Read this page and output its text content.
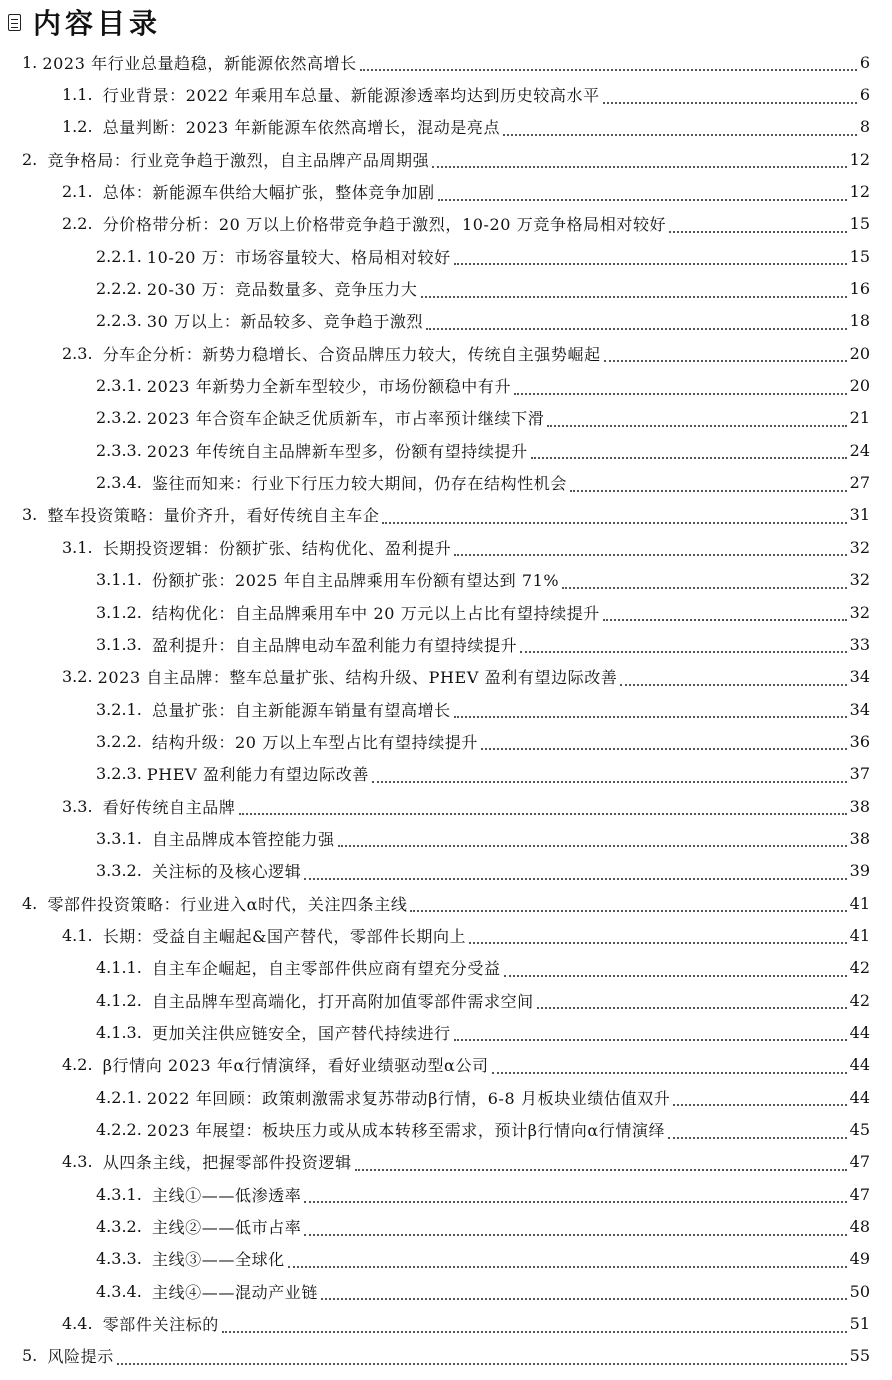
内容目录
1. 2023 年行业总量趋稳，新能源依然高增长	6
1.1. 行业背景：2022 年乘用车总量、新能源渗透率均达到历史较高水平	6
1.2. 总量判断：2023 年新能源车依然高增长，混动是亮点	8
2. 竞争格局：行业竞争趋于激烈，自主品牌产品周期强	12
2.1. 总体：新能源车供给大幅扩张，整体竞争加剧	12
2.2. 分价格带分析：20 万以上价格带竞争趋于激烈，10-20 万竞争格局相对较好	15
2.2.1. 10-20 万：市场容量较大、格局相对较好	15
2.2.2. 20-30 万：竞品数量多、竞争压力大	16
2.2.3. 30 万以上：新品较多、竞争趋于激烈	18
2.3. 分车企分析：新势力稳增长、合资品牌压力较大，传统自主强势崛起	20
2.3.1. 2023 年新势力全新车型较少，市场份额稳中有升	20
2.3.2. 2023 年合资车企缺乏优质新车，市占率预计继续下滑	21
2.3.3. 2023 年传统自主品牌新车型多，份额有望持续提升	24
2.3.4. 鉴往而知来：行业下行压力较大期间，仍存在结构性机会	27
3. 整车投资策略：量价齐升，看好传统自主车企	31
3.1. 长期投资逻辑：份额扩张、结构优化、盈利提升	32
3.1.1. 份额扩张：2025 年自主品牌乘用车份额有望达到 71%	32
3.1.2. 结构优化：自主品牌乘用车中 20 万元以上占比有望持续提升	32
3.1.3. 盈利提升：自主品牌电动车盈利能力有望持续提升	33
3.2. 2023 自主品牌：整车总量扩张、结构升级、PHEV 盈利有望边际改善	34
3.2.1. 总量扩张：自主新能源车销量有望高增长	34
3.2.2. 结构升级：20 万以上车型占比有望持续提升	36
3.2.3. PHEV 盈利能力有望边际改善	37
3.3. 看好传统自主品牌	38
3.3.1. 自主品牌成本管控能力强	38
3.3.2. 关注标的及核心逻辑	39
4. 零部件投资策略：行业进入α时代，关注四条主线	41
4.1. 长期：受益自主崛起&国产替代，零部件长期向上	41
4.1.1. 自主车企崛起，自主零部件供应商有望充分受益	42
4.1.2. 自主品牌车型高端化，打开高附加值零部件需求空间	42
4.1.3. 更加关注供应链安全，国产替代持续进行	44
4.2. β行情向 2023 年α行情演绎，看好业绩驱动型α公司	44
4.2.1. 2022 年回顾：政策刺激需求复苏带动β行情，6-8 月板块业绩估值双升	44
4.2.2. 2023 年展望：板块压力或从成本转移至需求，预计β行情向α行情演绎	45
4.3. 从四条主线，把握零部件投资逻辑	47
4.3.1. 主线①——低渗透率	47
4.3.2. 主线②——低市占率	48
4.3.3. 主线③——全球化	49
4.3.4. 主线④——混动产业链	50
4.4. 零部件关注标的	51
5. 风险提示	55
